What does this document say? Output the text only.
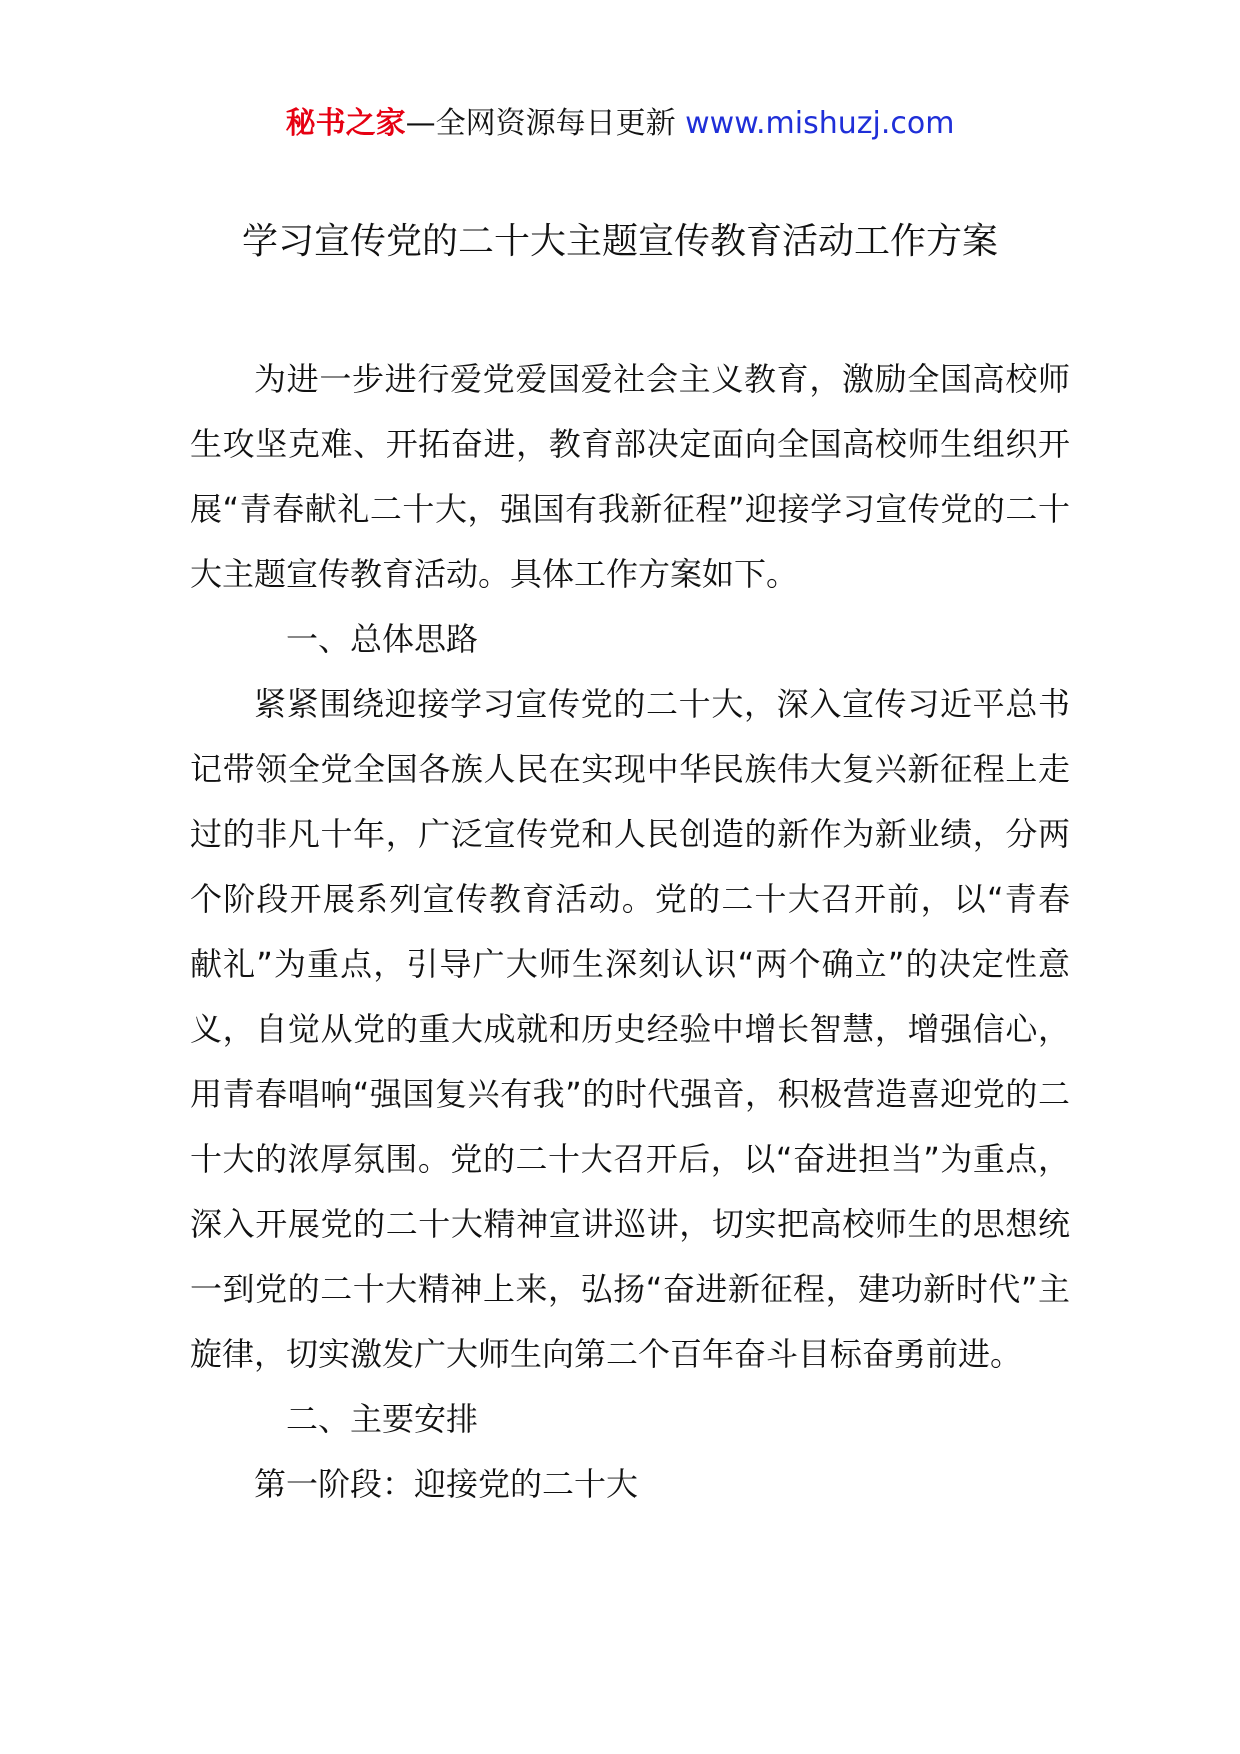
秘书之家—全网资源每日更新 www.mishuzj.com
学习宣传党的二十大主题宣传教育活动工作方案

为进一步进行爱党爱国爱社会主义教育，激励全国高校师生攻坚克难、开拓奋进，教育部决定面向全国高校师生组织开展“青春献礼二十大，强国有我新征程”迎接学习宣传党的二十大主题宣传教育活动。具体工作方案如下。

一、总体思路

紧紧围绕迎接学习宣传党的二十大，深入宣传习近平总书记带领全党全国各族人民在实现中华民族伟大复兴新征程上走过的非凡十年，广泛宣传党和人民创造的新作为新业绩，分两个阶段开展系列宣传教育活动。党的二十大召开前，以“青春献礼”为重点，引导广大师生深刻认识“两个确立”的决定性意义，自觉从党的重大成就和历史经验中增长智慧，增强信心，用青春唱响“强国复兴有我”的时代强音，积极营造喜迎党的二十大的浓厚氛围。党的二十大召开后，以“奋进担当”为重点，深入开展党的二十大精神宣讲巡讲，切实把高校师生的思想统一到党的二十大精神上来，弘扬“奋进新征程，建功新时代”主旋律，切实激发广大师生向第二个百年奋斗目标奋勇前进。

二、主要安排

第一阶段：迎接党的二十大
